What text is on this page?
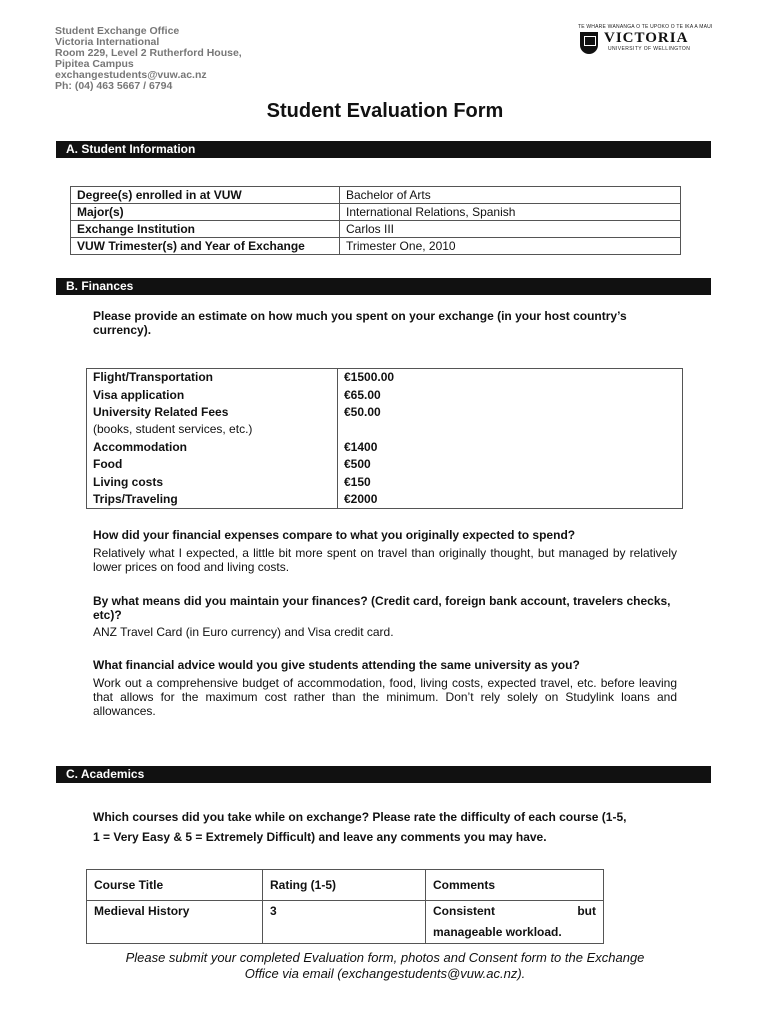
Student Exchange Office
Victoria International
Room 229, Level 2 Rutherford House,
Pipitea Campus
exchangestudents@vuw.ac.nz
Ph: (04) 463 5667 / 6794
TE WHARE WĀNANGA O TE ŪPOKO O TE IKA A MĀUI
VICTORIA
UNIVERSITY OF WELLINGTON
Student Evaluation Form
A. Student Information
Degree(s) enrolled in at VUW	Bachelor of Arts
Major(s)	International Relations, Spanish
Exchange Institution	Carlos III
VUW Trimester(s) and Year of Exchange	Trimester One, 2010
B. Finances
Please provide an estimate on how much you spent on your exchange (in your host country’s currency).
Flight/Transportation	€1500.00
Visa application	€65.00
University Related Fees	€50.00
(books, student services, etc.)	
Accommodation	€1400
Food	€500
Living costs	€150
Trips/Traveling	€2000
How did your financial expenses compare to what you originally expected to spend?
Relatively what I expected, a little bit more spent on travel than originally thought, but managed by relatively lower prices on food and living costs.
By what means did you maintain your finances? (Credit card, foreign bank account, travelers checks, etc)?
ANZ Travel Card (in Euro currency) and Visa credit card.
What financial advice would you give students attending the same university as you?
Work out a comprehensive budget of accommodation, food, living costs, expected travel, etc. before leaving that allows for the maximum cost rather than the minimum. Don’t rely solely on Studylink loans and allowances.
C. Academics
Which courses did you take while on exchange? Please rate the difficulty of each course (1-5,
1 = Very Easy & 5 = Extremely Difficult) and leave any comments you may have.
Course Title	Rating (1-5)	Comments
Medieval History	3	Consistent but
manageable workload.
Please submit your completed Evaluation form, photos and Consent form to the Exchange
Office via email (exchangestudents@vuw.ac.nz).
